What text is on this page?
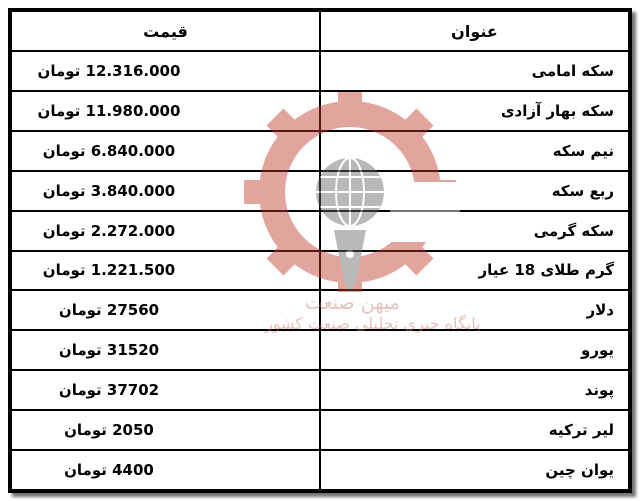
عنوان	قیمت
سکه امامی	12.316.000 تومان
سکه بهار آزادی	11.980.000 تومان
نیم سکه	6.840.000 تومان
ربع سکه	3.840.000 تومان
سکه گرمی	2.272.000 تومان
گرم طلای 18 عیار	1.221.500 تومان
دلار	27560 تومان
یورو	31520 تومان
پوند	37702 تومان
لیر ترکیه	2050 تومان
یوان چین	4400 تومان
میهن صنعت
پایگاه خبری تحلیلی صنعت کشور
